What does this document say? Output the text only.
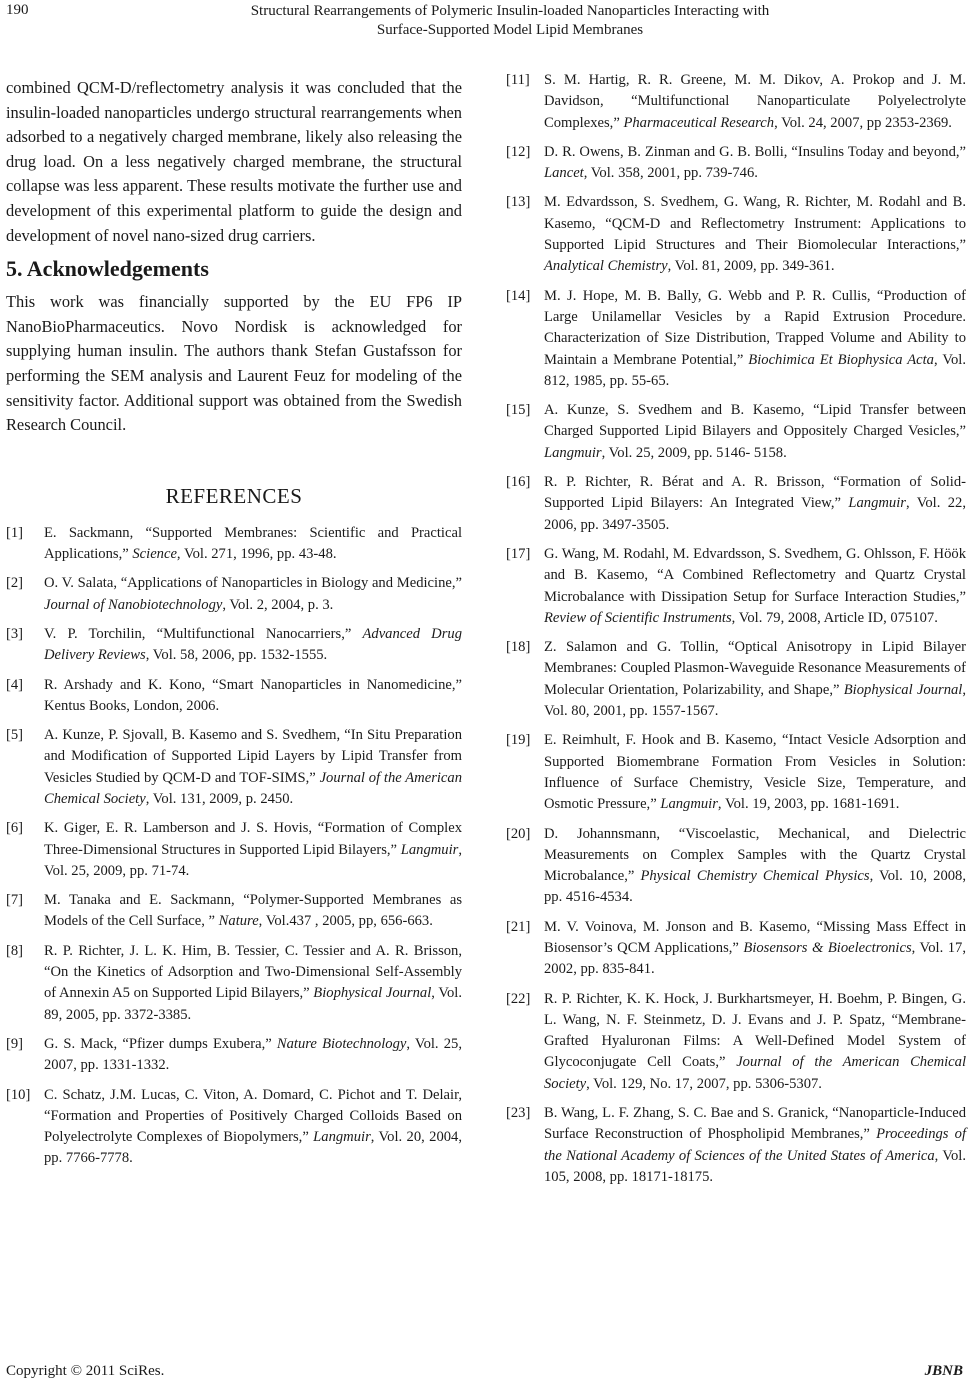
190	Structural Rearrangements of Polymeric Insulin-loaded Nanoparticles Interacting with
Surface-Supported Model Lipid Membranes

combined QCM-D/reflectometry analysis it was concluded that the insulin-loaded nanoparticles undergo structural rearrangements when adsorbed to a negatively charged membrane, likely also releasing the drug load. On a less negatively charged membrane, the structural collapse was less apparent. These results motivate the further use and development of this experimental platform to guide the design and development of novel nano-sized drug carriers.

5. Acknowledgements

This work was financially supported by the EU FP6 IP NanoBioPharmaceutics. Novo Nordisk is acknowledged for supplying human insulin. The authors thank Stefan Gustafsson for performing the SEM analysis and Laurent Feuz for modeling of the sensitivity factor. Additional support was obtained from the Swedish Research Council.

REFERENCES
[1]	E. Sackmann, “Supported Membranes: Scientific and Practical Applications,” Science, Vol. 271, 1996, pp. 43-48.
[2]	O. V. Salata, “Applications of Nanoparticles in Biology and Medicine,” Journal of Nanobiotechnology, Vol. 2, 2004, p. 3.
[3]	V. P. Torchilin, “Multifunctional Nanocarriers,” Advanced Drug Delivery Reviews, Vol. 58, 2006, pp. 1532-1555.
[4]	R. Arshady and K. Kono, “Smart Nanoparticles in Nanomedicine,” Kentus Books, London, 2006.
[5]	A. Kunze, P. Sjovall, B. Kasemo and S. Svedhem, “In Situ Preparation and Modification of Supported Lipid Layers by Lipid Transfer from Vesicles Studied by QCM-D and TOF-SIMS,” Journal of the American Chemical Society, Vol. 131, 2009, p. 2450.
[6]	K. Giger, E. R. Lamberson and J. S. Hovis, “Formation of Complex Three-Dimensional Structures in Supported Lipid Bilayers,” Langmuir, Vol. 25, 2009, pp. 71-74.
[7]	M. Tanaka and E. Sackmann, “Polymer-Supported Membranes as Models of the Cell Surface, ” Nature, Vol.437 , 2005, pp, 656-663.
[8]	R. P. Richter, J. L. K. Him, B. Tessier, C. Tessier and A. R. Brisson, “On the Kinetics of Adsorption and Two-Dimensional Self-Assembly of Annexin A5 on Supported Lipid Bilayers,” Biophysical Journal, Vol. 89, 2005, pp. 3372-3385.
[9]	G. S. Mack, “Pfizer dumps Exubera,” Nature Biotechnology, Vol. 25, 2007, pp. 1331-1332.
[10] C. Schatz, J.M. Lucas, C. Viton, A. Domard, C. Pichot and T. Delair, “Formation and Properties of Positively Charged Colloids Based on Polyelectrolyte Complexes of Biopolymers,” Langmuir, Vol. 20, 2004, pp. 7766-7778.
[11] S. M. Hartig, R. R. Greene, M. M. Dikov, A. Prokop and J. M. Davidson, “Multifunctional Nanoparticulate Polyelectrolyte Complexes,” Pharmaceutical Research, Vol. 24, 2007, pp 2353-2369.
[12] D. R. Owens, B. Zinman and G. B. Bolli, “Insulins Today and beyond,” Lancet, Vol. 358, 2001, pp. 739-746.
[13] M. Edvardsson, S. Svedhem, G. Wang, R. Richter, M. Rodahl and B. Kasemo, “QCM-D and Reflectometry Instrument: Applications to Supported Lipid Structures and Their Biomolecular Interactions,” Analytical Chemistry, Vol. 81, 2009, pp. 349-361.
[14] M. J. Hope, M. B. Bally, G. Webb and P. R. Cullis, “Production of Large Unilamellar Vesicles by a Rapid Extrusion Procedure. Characterization of Size Distribution, Trapped Volume and Ability to Maintain a Membrane Potential,” Biochimica Et Biophysica Acta, Vol. 812, 1985, pp. 55-65.
[15] A. Kunze, S. Svedhem and B. Kasemo, “Lipid Transfer between Charged Supported Lipid Bilayers and Oppositely Charged Vesicles,” Langmuir, Vol. 25, 2009, pp. 5146- 5158.
[16] R. P. Richter, R. Bérat and A. R. Brisson, “Formation of Solid-Supported Lipid Bilayers: An Integrated View,” Langmuir, Vol. 22, 2006, pp. 3497-3505.
[17] G. Wang, M. Rodahl, M. Edvardsson, S. Svedhem, G. Ohlsson, F. Höök and B. Kasemo, “A Combined Reflectometry and Quartz Crystal Microbalance with Dissipation Setup for Surface Interaction Studies,” Review of Scientific Instruments, Vol. 79, 2008, Article ID, 075107.
[18] Z. Salamon and G. Tollin, “Optical Anisotropy in Lipid Bilayer Membranes: Coupled Plasmon-Waveguide Resonance Measurements of Molecular Orientation, Polarizability, and Shape,” Biophysical Journal, Vol. 80, 2001, pp. 1557-1567.
[19] E. Reimhult, F. Hook and B. Kasemo, “Intact Vesicle Adsorption and Supported Biomembrane Formation From Vesicles in Solution: Influence of Surface Chemistry, Vesicle Size, Temperature, and Osmotic Pressure,” Langmuir, Vol. 19, 2003, pp. 1681-1691.
[20] D. Johannsmann, “Viscoelastic, Mechanical, and Dielectric Measurements on Complex Samples with the Quartz Crystal Microbalance,” Physical Chemistry Chemical Physics, Vol. 10, 2008, pp. 4516-4534.
[21] M. V. Voinova, M. Jonson and B. Kasemo, “Missing Mass Effect in Biosensor’s QCM Applications,” Biosensors & Bioelectronics, Vol. 17, 2002, pp. 835-841.
[22] R. P. Richter, K. K. Hock, J. Burkhartsmeyer, H. Boehm, P. Bingen, G. L. Wang, N. F. Steinmetz, D. J. Evans and J. P. Spatz, “Membrane-Grafted Hyaluronan Films: A Well-Defined Model System of Glycoconjugate Cell Coats,” Journal of the American Chemical Society, Vol. 129, No. 17, 2007, pp. 5306-5307.
[23] B. Wang, L. F. Zhang, S. C. Bae and S. Granick, “Nanoparticle-Induced Surface Reconstruction of Phospholipid Membranes,” Proceedings of the National Academy of Sciences of the United States of America, Vol. 105, 2008, pp. 18171-18175.
Copyright © 2011 SciRes.	JBNB
